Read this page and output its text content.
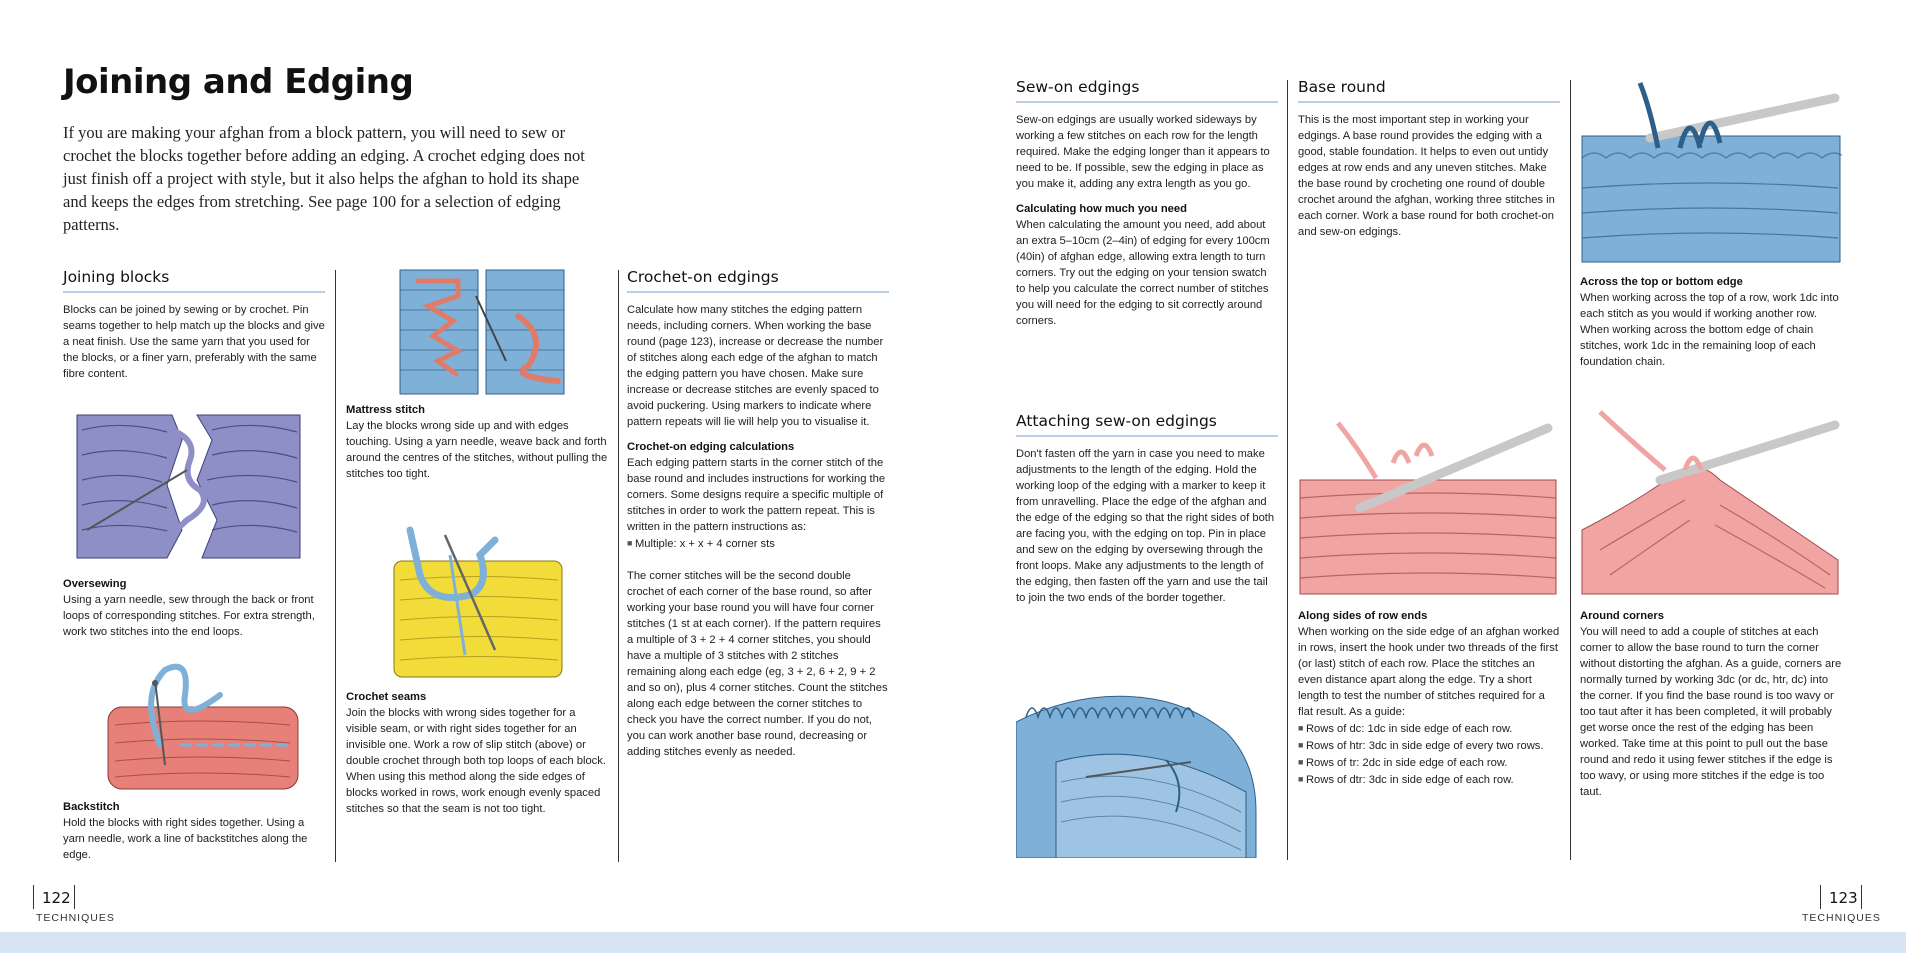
Joining and Edging
If you are making your afghan from a block pattern, you will need to sew or crochet the blocks together before adding an edging. A crochet edging does not just finish off a project with style, but it also helps the afghan to hold its shape and keeps the edges from stretching. See page 100 for a selection of edging patterns.
Joining blocks

Blocks can be joined by sewing or by crochet. Pin seams together to help match up the blocks and give a neat finish. Use the same yarn that you used for the blocks, or a finer yarn, preferably with the same fibre content.

Oversewing

Using a yarn needle, sew through the back or front loops of corresponding stitches. For extra strength, work two stitches into the end loops.

Backstitch

Hold the blocks with right sides together. Using a yarn needle, work a line of backstitches along the edge.

Mattress stitch

Lay the blocks wrong side up and with edges touching. Using a yarn needle, weave back and forth around the centres of the stitches, without pulling the stitches too tight.

Crochet seams

Join the blocks with wrong sides together for a visible seam, or with right sides together for an invisible one. Work a row of slip stitch (above) or double crochet through both top loops of each block. When using this method along the side edges of blocks worked in rows, work enough evenly spaced stitches so that the seam is not too tight.

Crochet-on edgings

Calculate how many stitches the edging pattern needs, including corners. When working the base round (page 123), increase or decrease the number of stitches along each edge of the afghan to match the edging pattern you have chosen. Make sure increase or decrease stitches are evenly spaced to avoid puckering. Using markers to indicate where pattern repeats will lie will help you to visualise it.

Crochet-on edging calculations

Each edging pattern starts in the corner stitch of the base round and includes instructions for working the corners. Some designs require a specific multiple of stitches in order to work the pattern repeat. This is written in the pattern instructions as:

■ Multiple: x + x + 4 corner sts

The corner stitches will be the second double crochet of each corner of the base round, so after working your base round you will have four corner stitches (1 st at each corner). If the pattern requires a multiple of 3 + 2 + 4 corner stitches, you should have a multiple of 3 stitches with 2 stitches remaining along each edge (eg, 3 + 2, 6 + 2, 9 + 2 and so on), plus 4 corner stitches. Count the stitches along each edge between the corner stitches to check you have the correct number. If you do not, you can work another base round, decreasing or adding stitches evenly as needed.

122
TECHNIQUES
Sew-on edgings

Sew-on edgings are usually worked sideways by working a few stitches on each row for the length required. Make the edging longer than it appears to need to be. If possible, sew the edging in place as you make it, adding any extra length as you go.

Calculating how much you need

When calculating the amount you need, add about an extra 5–10cm (2–4in) of edging for every 100cm (40in) of afghan edge, allowing extra length to turn corners. Try out the edging on your tension swatch to help you calculate the correct number of stitches you will need for the edging to sit correctly around corners.

Attaching sew-on edgings

Don't fasten off the yarn in case you need to make adjustments to the length of the edging. Hold the working loop of the edging with a marker to keep it from unravelling. Place the edge of the afghan and the edge of the edging so that the right sides of both are facing you, with the edging on top. Pin in place and sew on the edging by oversewing through the front loops. Make any adjustments to the length of the edging, then fasten off the yarn and use the tail to join the two ends of the border together.

Base round

This is the most important step in working your edgings. A base round provides the edging with a good, stable foundation. It helps to even out untidy edges at row ends and any uneven stitches. Make the base round by crocheting one round of double crochet around the afghan, working three stitches in each corner. Work a base round for both crochet-on and sew-on edgings.

Along sides of row ends

When working on the side edge of an afghan worked in rows, insert the hook under two threads of the first (or last) stitch of each row. Place the stitches an even distance apart along the edge. Try a short length to test the number of stitches required for a flat result. As a guide:

■ Rows of dc: 1dc in side edge of each row.
■ Rows of htr: 3dc in side edge of every two rows.
■ Rows of tr: 2dc in side edge of each row.
■ Rows of dtr: 3dc in side edge of each row.
Across the top or bottom edge

When working across the top of a row, work 1dc into each stitch as you would if working another row. When working across the bottom edge of chain stitches, work 1dc in the remaining loop of each foundation chain.

Around corners

You will need to add a couple of stitches at each corner to allow the base round to turn the corner without distorting the afghan. As a guide, corners are normally turned by working 3dc (or dc, htr, dc) into the corner. If you find the base round is too wavy or too taut after it has been completed, it will probably get worse once the rest of the edging has been worked. Take time at this point to pull out the base round and redo it using fewer stitches if the edge is too wavy, or using more stitches if the edge is too taut.

123
TECHNIQUES
